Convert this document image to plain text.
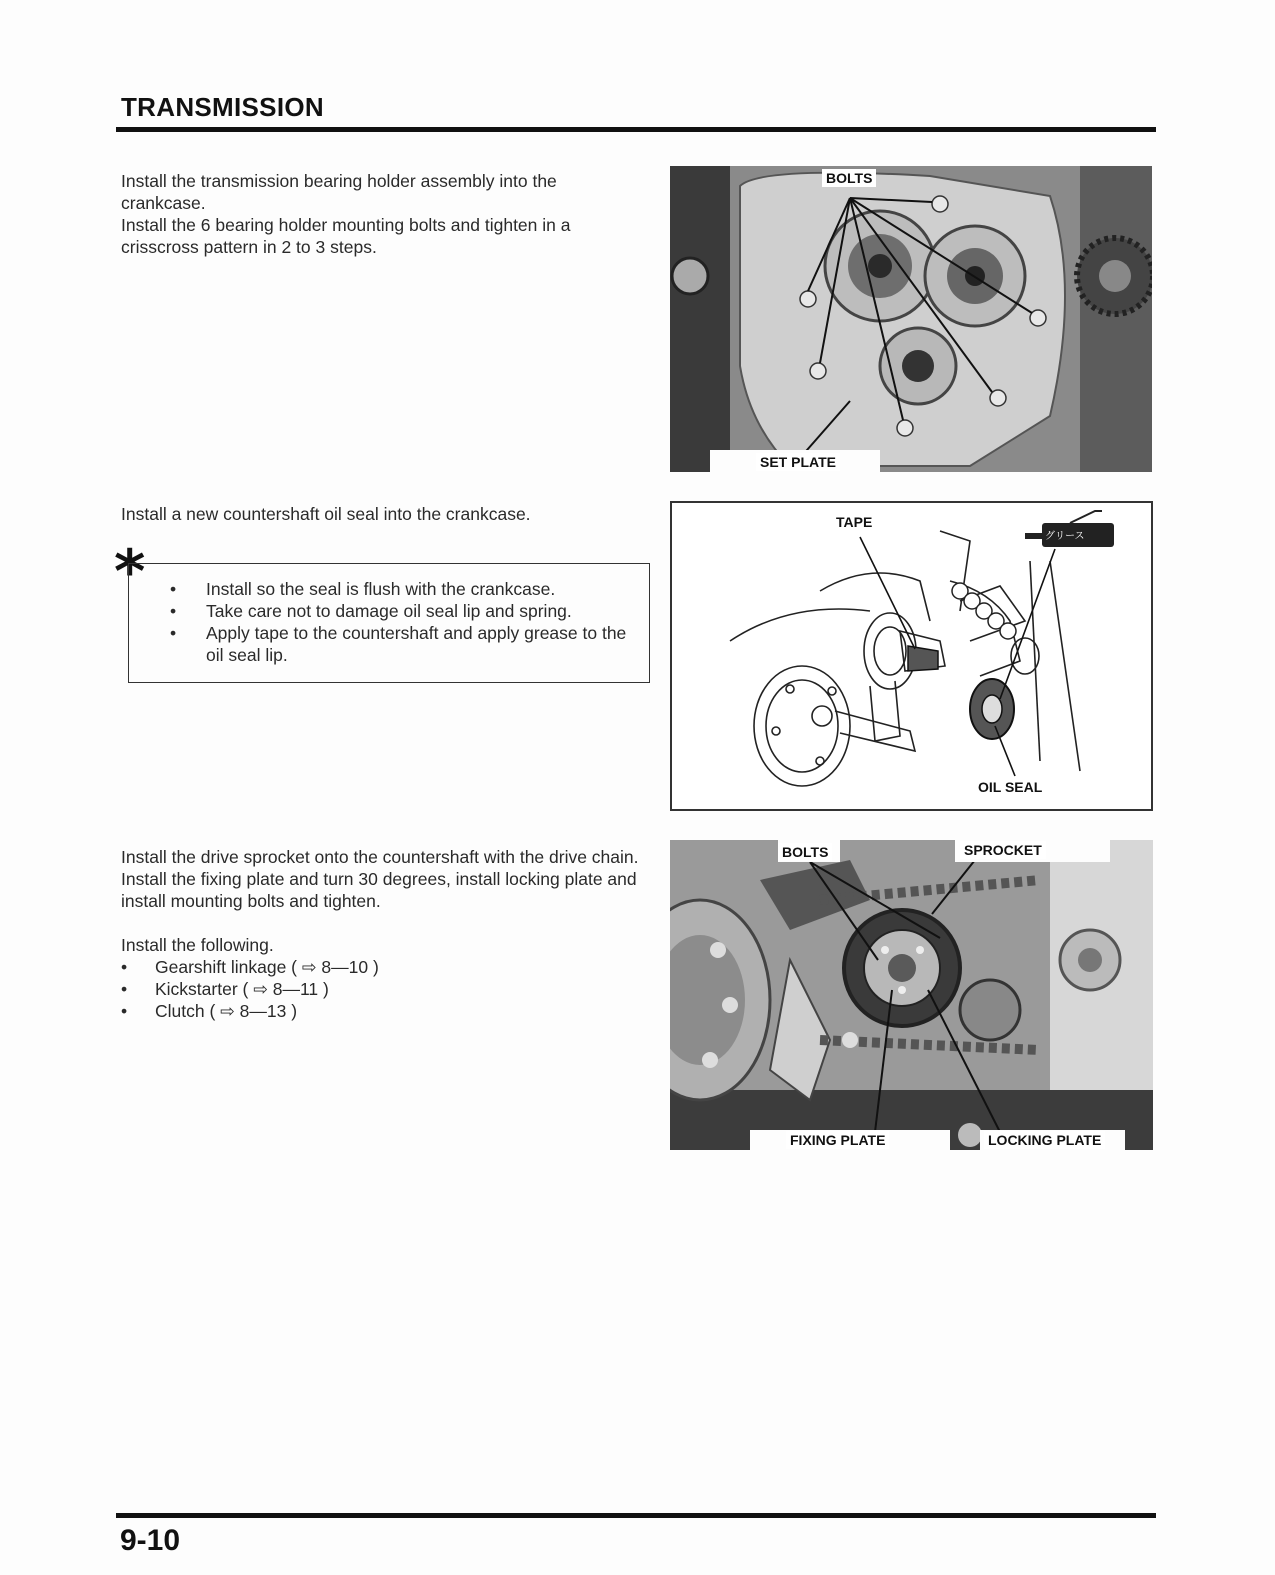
TRANSMISSION

Install the transmission bearing holder assembly into the crankcase.

Install the 6 bearing holder mounting bolts and tighten in a crisscross pattern in 2 to 3 steps.

BOLTS
SET PLATE
Install a new countershaft oil seal into the crankcase.
*
•	Install so the seal is flush with the crankcase.
• Take care not to damage oil seal lip and spring.
• Apply tape to the countershaft and apply grease to the oil seal lip.
TAPE
OIL SEAL
グリース

Install the drive sprocket onto the countershaft with the drive chain.

Install the fixing plate and turn 30 degrees, install locking plate and install mounting bolts and tighten.

Install the following.

• Gearshift linkage ( ⇨ 8—10 )
• Kickstarter ( ⇨ 8—11 )
• Clutch ( ⇨ 8—13 )
BOLTS	SPROCKET
FIXING PLATE	LOCKING PLATE
9-10
